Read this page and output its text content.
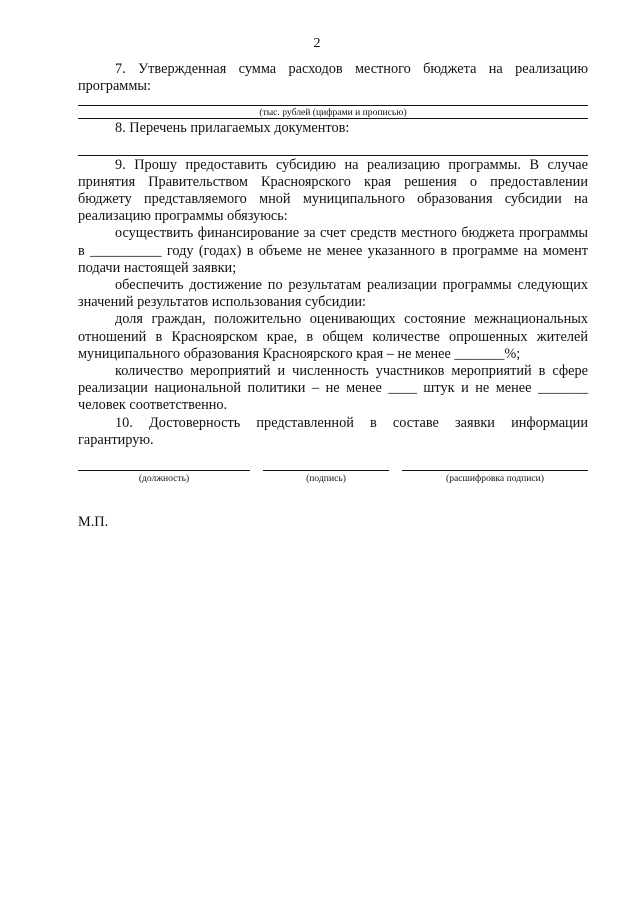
2

7. Утвержденная сумма расходов местного бюджета на реализацию программы:

(тыс. рублей (цифрами и прописью)

8. Перечень прилагаемых документов:

9. Прошу предоставить субсидию на реализацию программы. В случае принятия Правительством Красноярского края решения о предоставлении бюджету представляемого мной муниципального образования субсидии на реализацию программы обязуюсь:

осуществить финансирование за счет средств местного бюджета программы в __________ году (годах) в объеме не менее указанного в программе на момент подачи настоящей заявки;

обеспечить достижение по результатам реализации программы следующих значений результатов использования субсидии:

доля граждан, положительно оценивающих состояние межнациональных отношений в Красноярском крае, в общем количестве опрошенных жителей муниципального образования Красноярского края – не менее _______%;

количество мероприятий и численность участников мероприятий в сфере реализации национальной политики – не менее ____ штук и не менее _______ человек соответственно.

10. Достоверность представленной в составе заявки информации гарантирую.

(должность)	(подпись)	(расшифровка подписи)
М.П.
